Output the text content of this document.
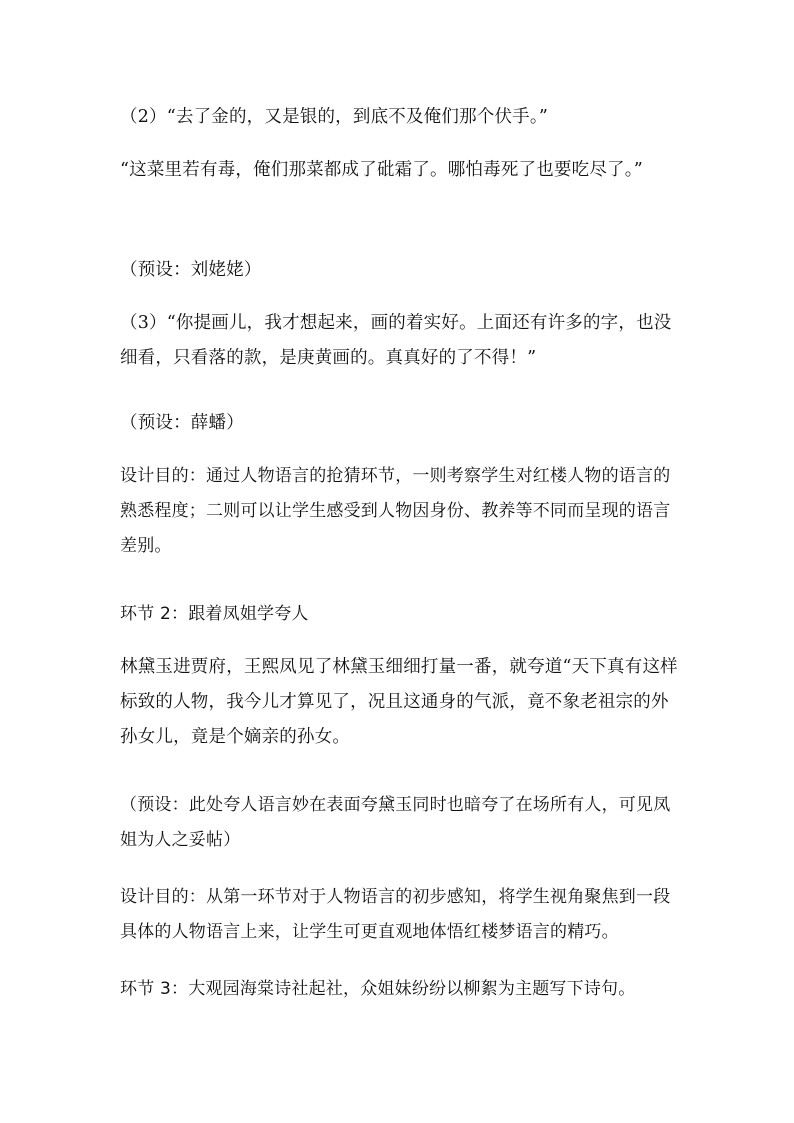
（2）“去了金的，又是银的，到底不及俺们那个伏手。”

“这菜里若有毒，俺们那菜都成了砒霜了。哪怕毒死了也要吃尽了。”

（预设：刘姥姥）

（3）“你提画儿，我才想起来，画的着实好。上面还有许多的字，也没细看，只看落的款，是庚黄画的。真真好的了不得！”

（预设：薛蟠）

设计目的：通过人物语言的抢猜环节，一则考察学生对红楼人物的语言的熟悉程度；二则可以让学生感受到人物因身份、教养等不同而呈现的语言差别。

环节 2：跟着凤姐学夸人

林黛玉进贾府，王熙凤见了林黛玉细细打量一番，就夸道“天下真有这样标致的人物，我今儿才算见了，况且这通身的气派，竟不象老祖宗的外孙女儿，竟是个嫡亲的孙女。

（预设：此处夸人语言妙在表面夸黛玉同时也暗夸了在场所有人，可见凤姐为人之妥帖）

设计目的：从第一环节对于人物语言的初步感知，将学生视角聚焦到一段具体的人物语言上来，让学生可更直观地体悟红楼梦语言的精巧。

环节 3：大观园海棠诗社起社，众姐妹纷纷以柳絮为主题写下诗句。
